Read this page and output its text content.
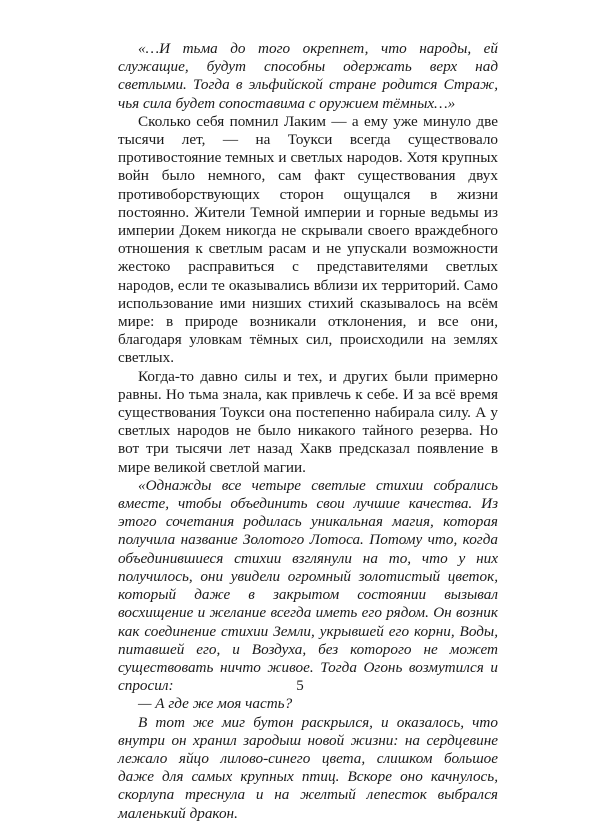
«…И тьма до того окрепнет, что народы, ей служащие, будут способны одержать верх над светлыми. Тогда в эльфийской стране родится Страж, чья сила будет сопоставима с оружием тёмных…»

Сколько себя помнил Лаким — а ему уже минуло две тысячи лет, — на Тоукси всегда существовало противостояние темных и светлых народов. Хотя крупных войн было немного, сам факт существования двух противоборствующих сторон ощущался в жизни постоянно. Жители Темной империи и горные ведьмы из империи Докем никогда не скрывали своего враждебного отношения к светлым расам и не упускали возможности жестоко расправиться с представителями светлых народов, если те оказывались вблизи их территорий. Само использование ими низших стихий сказывалось на всём мире: в природе возникали отклонения, и все они, благодаря уловкам тёмных сил, происходили на землях светлых.

Когда-то давно силы и тех, и других были примерно равны. Но тьма знала, как привлечь к себе. И за всё время существования Тоукси она постепенно набирала силу. А у светлых народов не было никакого тайного резерва. Но вот три тысячи лет назад Хакв предсказал появление в мире великой светлой магии.

«Однажды все четыре светлые стихии собрались вместе, чтобы объединить свои лучшие качества. Из этого сочетания родилась уникальная магия, которая получила название Золотого Лотоса. Потому что, когда объединившиеся стихии взглянули на то, что у них получилось, они увидели огромный золотистый цветок, который даже в закрытом состоянии вызывал восхищение и желание всегда иметь его рядом. Он возник как соединение стихии Земли, укрывшей его корни, Воды, питавшей его, и Воздуха, без которого не может существовать ничто живое. Тогда Огонь возмутился и спросил:

— А где же моя часть?

В тот же миг бутон раскрылся, и оказалось, что внутри он хранил зародыш новой жизни: на сердцевине лежало яйцо лилово-синего цвета, слишком большое даже для самых крупных птиц. Вскоре оно качнулось, скорлупа треснула и на желтый лепесток выбрался маленький дракон.

5
